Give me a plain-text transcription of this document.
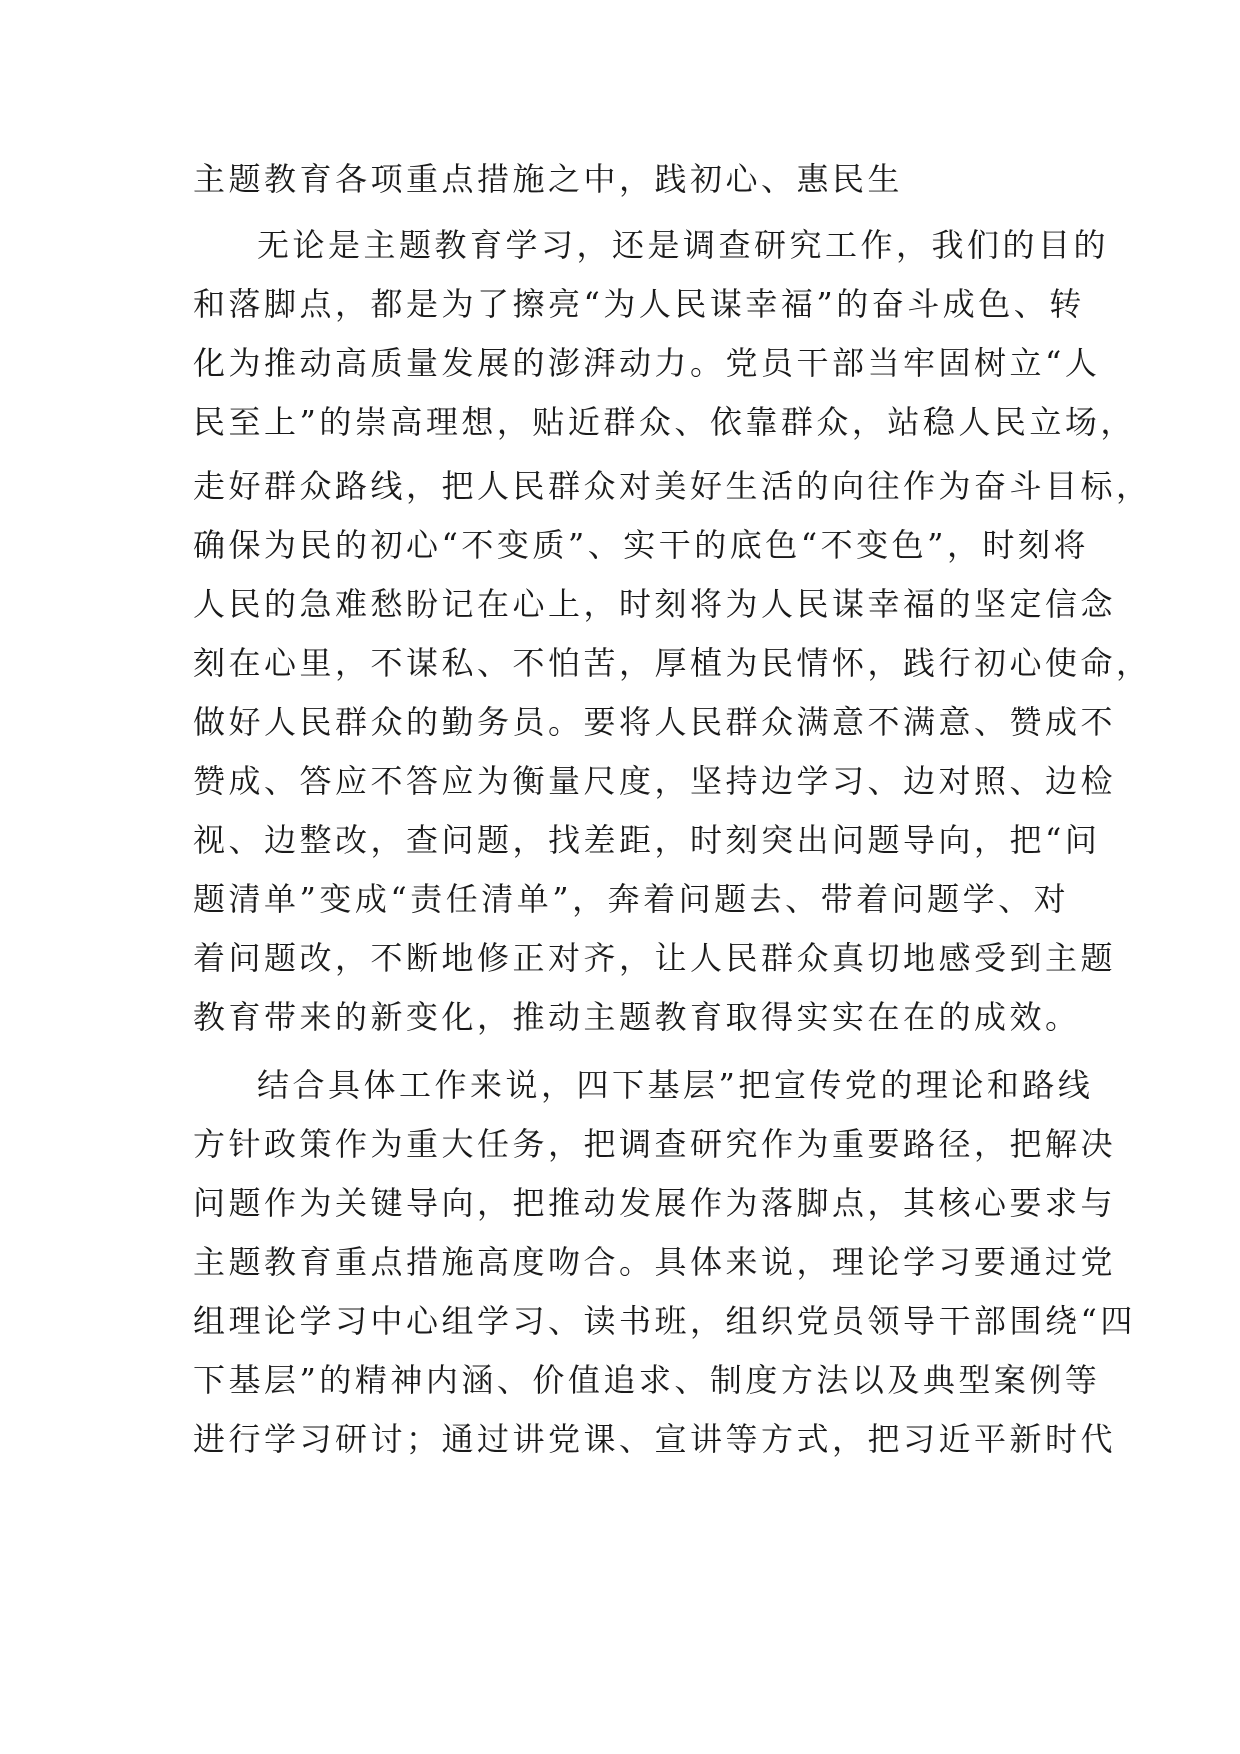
主题教育各项重点措施之中，践初心、惠民生
无论是主题教育学习，还是调查研究工作，我们的目的
和落脚点，都是为了擦亮“为人民谋幸福”的奋斗成色、转
化为推动高质量发展的澎湃动力。党员干部当牢固树立“人
民至上”的崇高理想，贴近群众、依靠群众，站稳人民立场，
走好群众路线，把人民群众对美好生活的向往作为奋斗目标，
确保为民的初心“不变质”、实干的底色“不变色”，时刻将
人民的急难愁盼记在心上，时刻将为人民谋幸福的坚定信念
刻在心里，不谋私、不怕苦，厚植为民情怀，践行初心使命，
做好人民群众的勤务员。要将人民群众满意不满意、赞成不
赞成、答应不答应为衡量尺度，坚持边学习、边对照、边检
视、边整改，查问题，找差距，时刻突出问题导向，把“问
题清单”变成“责任清单”，奔着问题去、带着问题学、对
着问题改，不断地修正对齐，让人民群众真切地感受到主题
教育带来的新变化，推动主题教育取得实实在在的成效。
结合具体工作来说，四下基层”把宣传党的理论和路线
方针政策作为重大任务，把调查研究作为重要路径，把解决
问题作为关键导向，把推动发展作为落脚点，其核心要求与
主题教育重点措施高度吻合。具体来说，理论学习要通过党
组理论学习中心组学习、读书班，组织党员领导干部围绕“四
下基层”的精神内涵、价值追求、制度方法以及典型案例等
进行学习研讨；通过讲党课、宣讲等方式，把习近平新时代
